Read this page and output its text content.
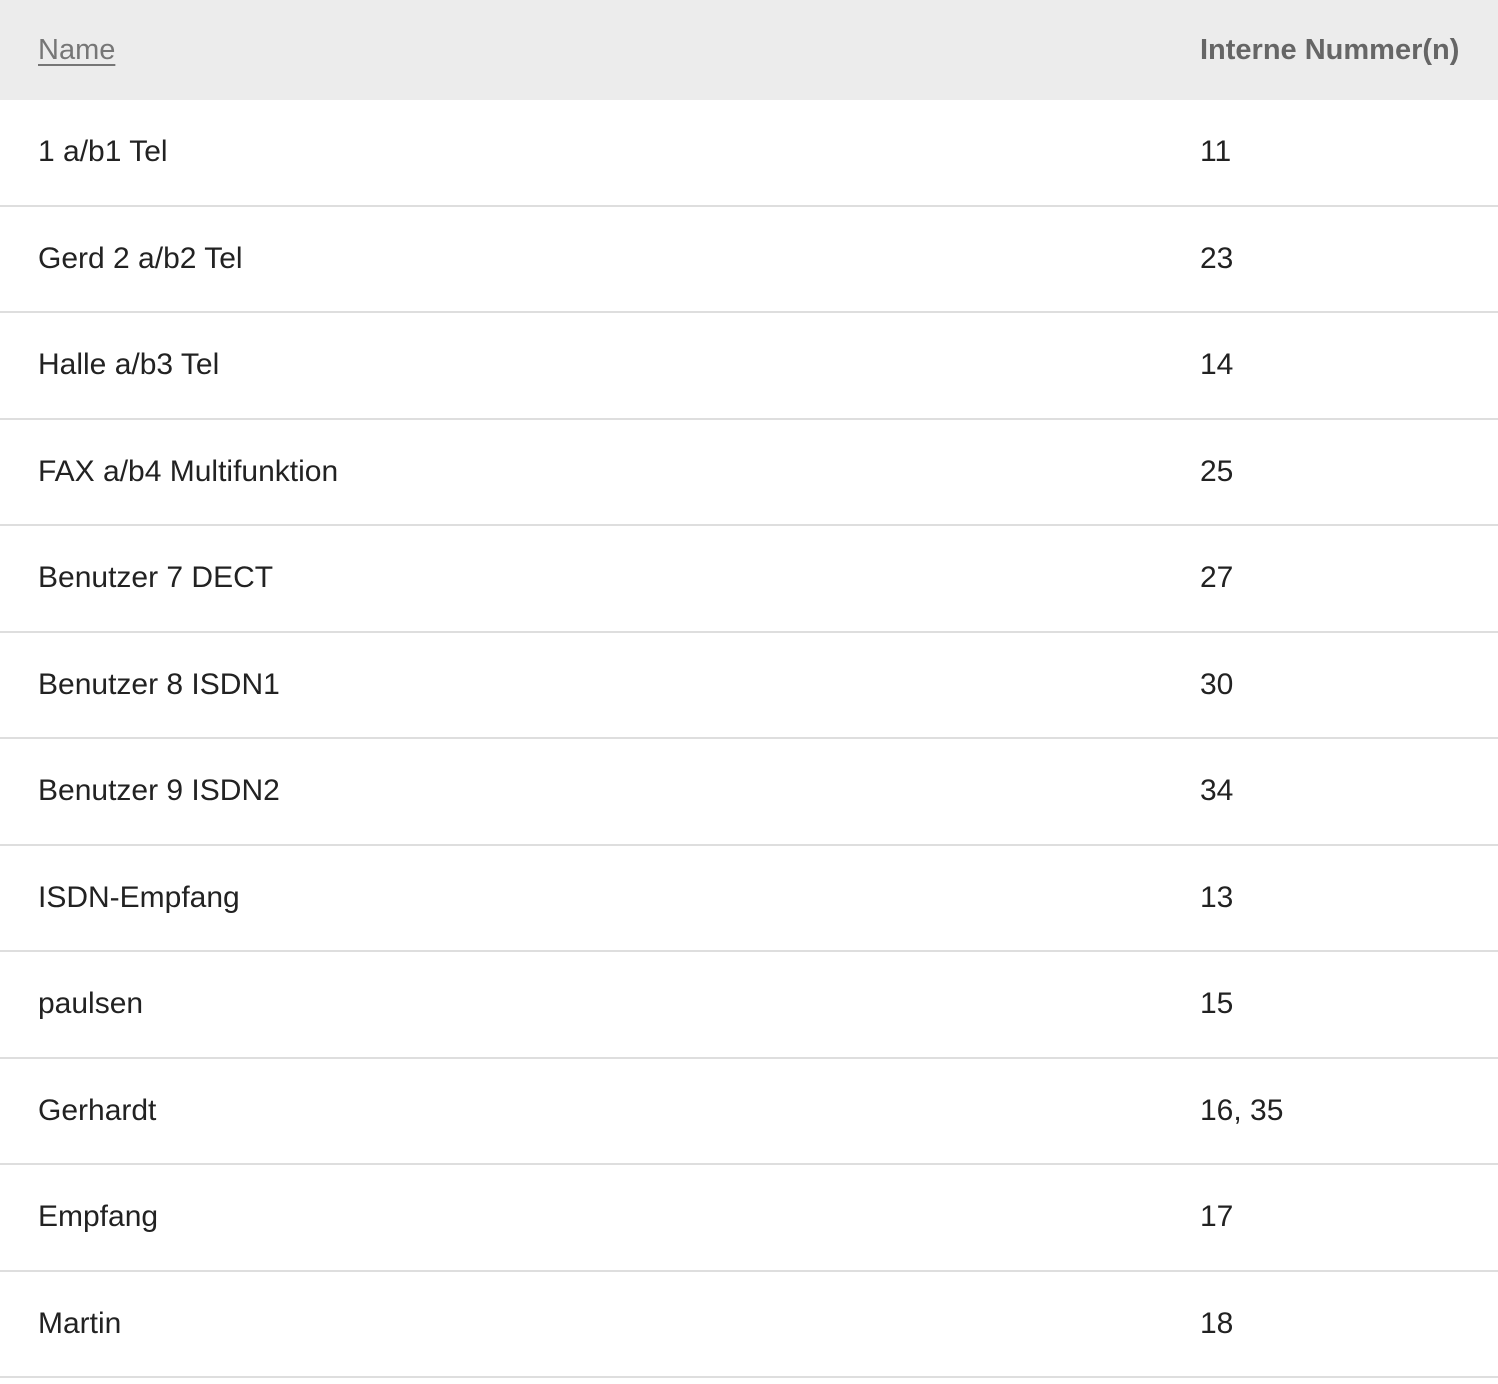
Name	Interne Nummer(n)
1 a/b1 Tel	11
Gerd 2 a/b2 Tel	23
Halle a/b3 Tel	14
FAX a/b4 Multifunktion	25
Benutzer 7 DECT	27
Benutzer 8 ISDN1	30
Benutzer 9 ISDN2	34
ISDN-Empfang	13
paulsen	15
Gerhardt	16, 35
Empfang	17
Martin	18
